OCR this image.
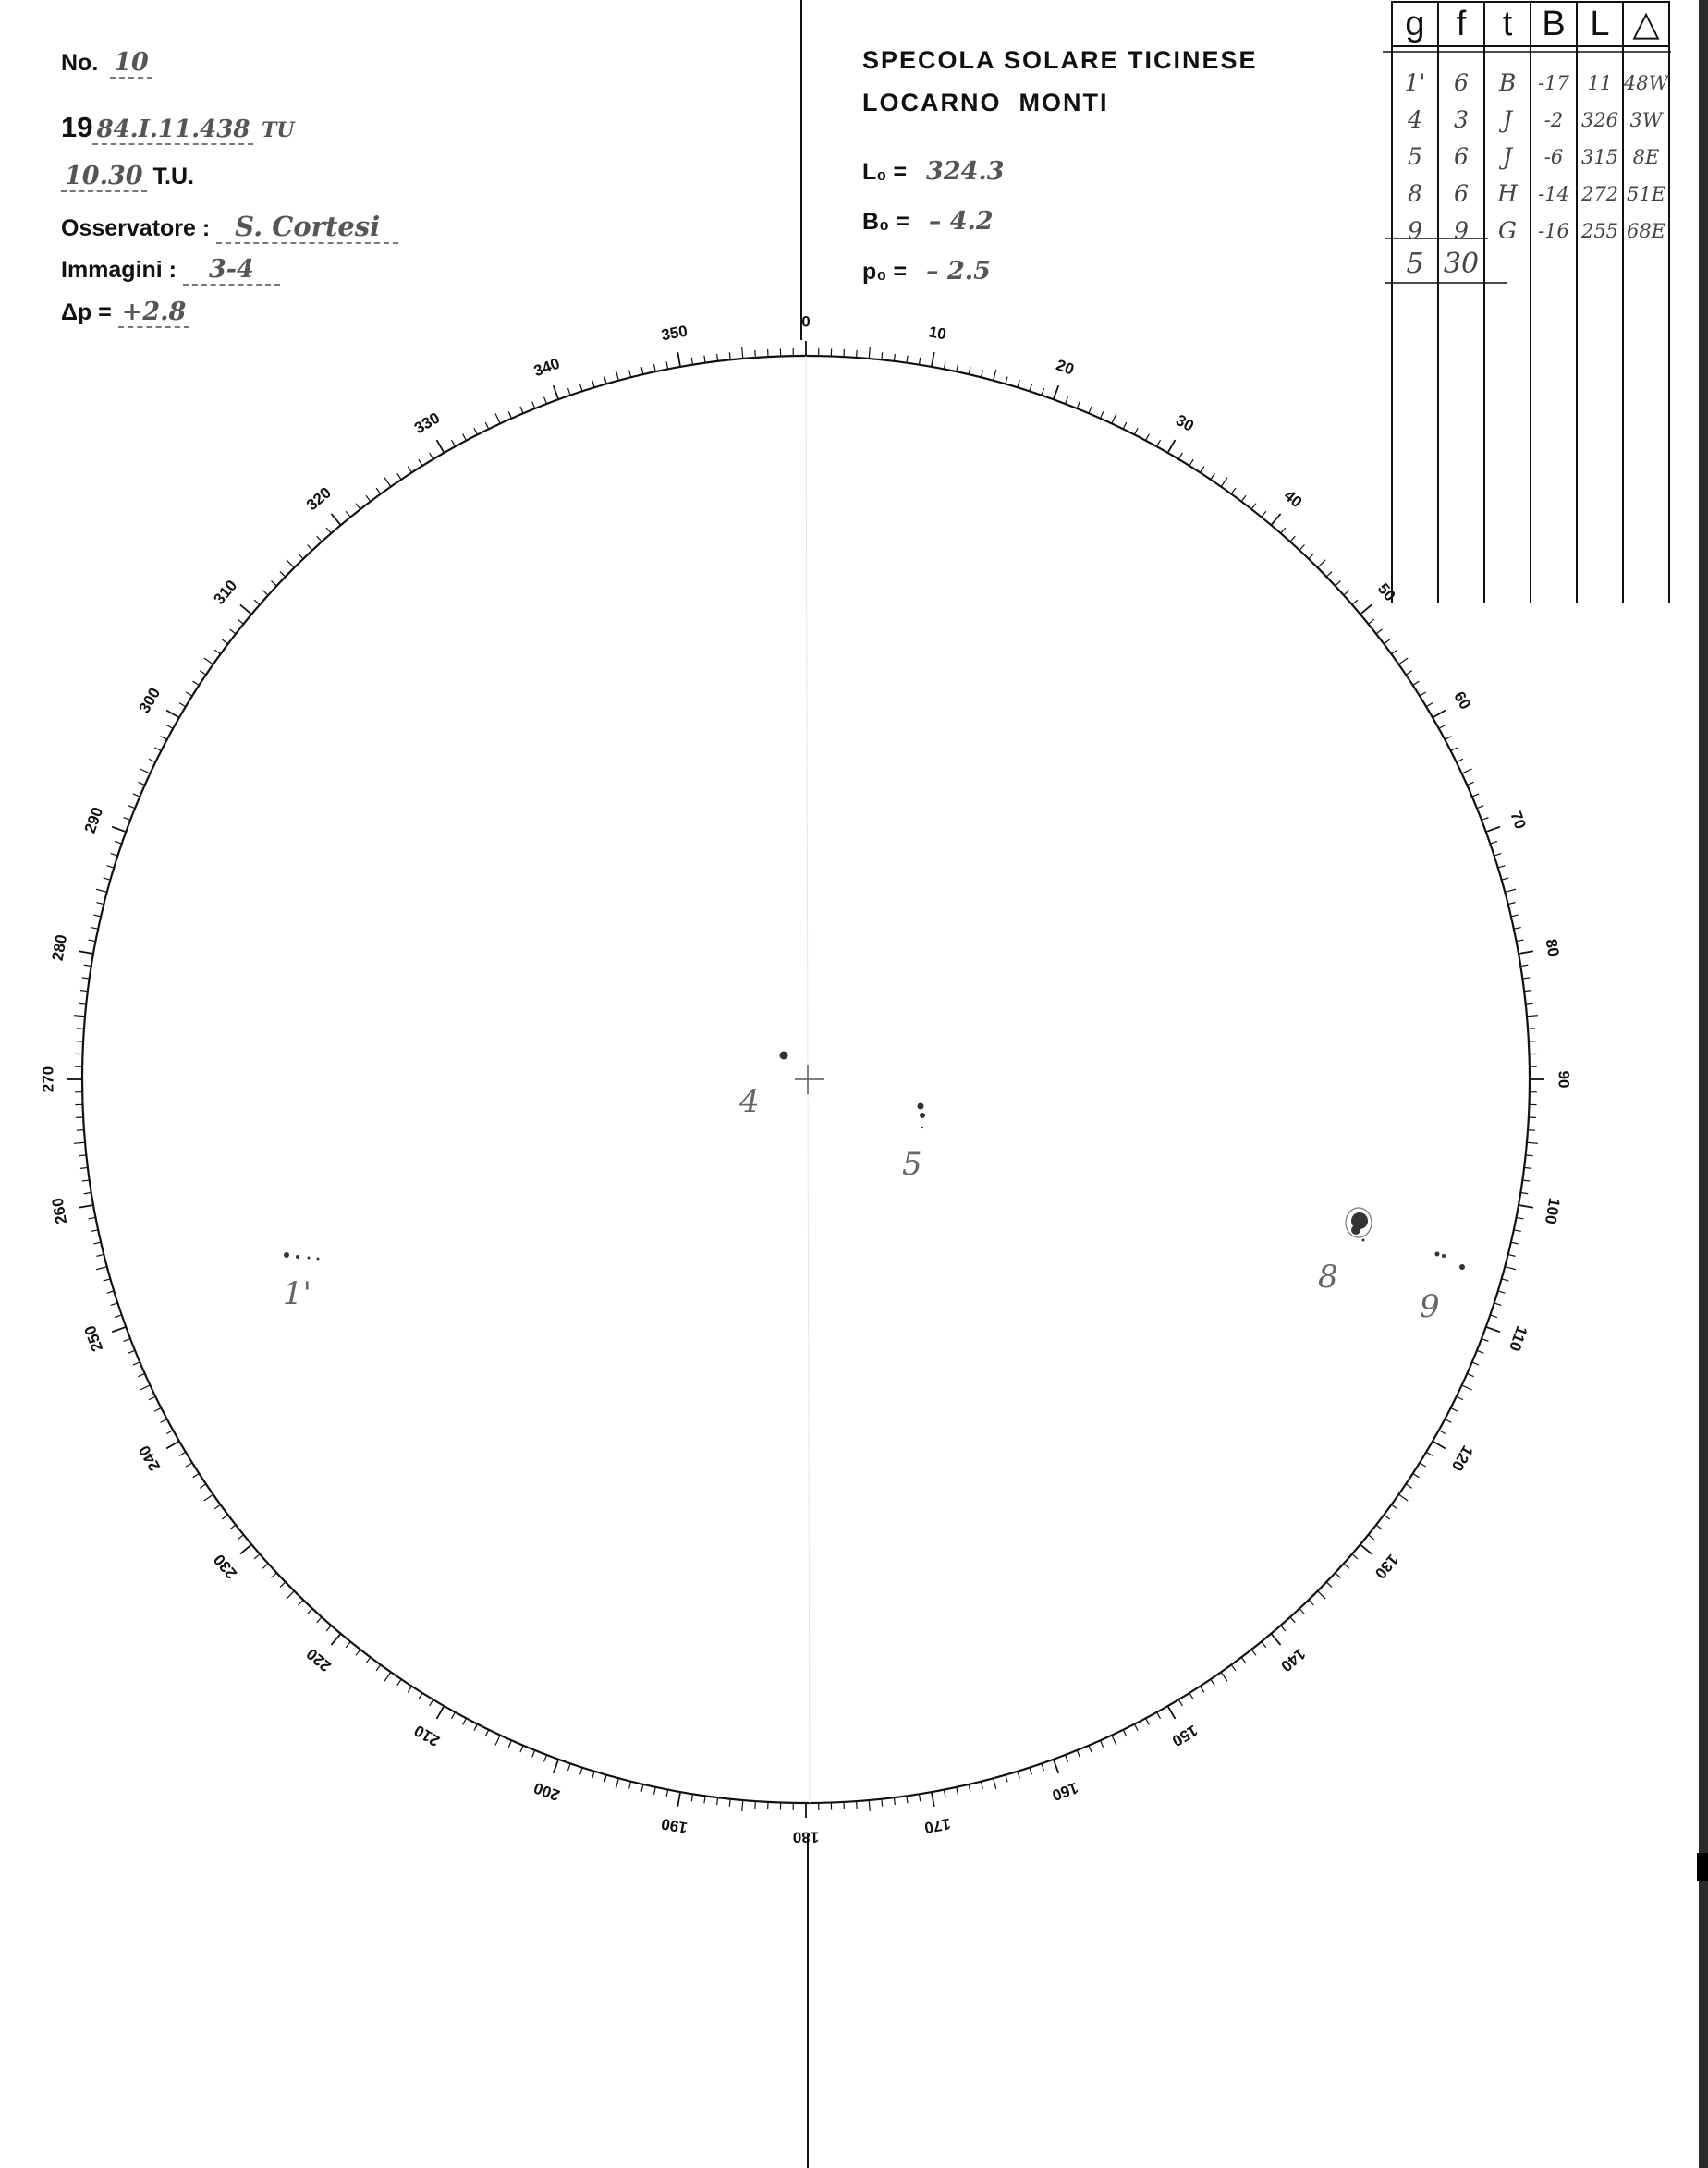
No. 10
19 84.I.11.438 TU
10.30 T.U.
Osservatore : S. Cortesi
Immagini : 3-4
Δp = +2.8
SPECOLA SOLARE TICINESE
LOCARNO  MONTI
L₀ = 324.3
B₀ = – 4.2
p₀ = – 2.5
g f	t B L △
1'	6	B	-17 11 48W
4	3	J	-2 326 3W
5	6	J	-6 315 8E
8	6	H	-14 272 51E
9	9	G	-16 255 68E
5 30
0
10
20
30
40
50
60
70
80
90
100
110
120
130
140
150
160
170
180
190
200
210
220
230
240
250
260
270
280
290
300
310
320
330
340
350
1'
4
5
8
9
